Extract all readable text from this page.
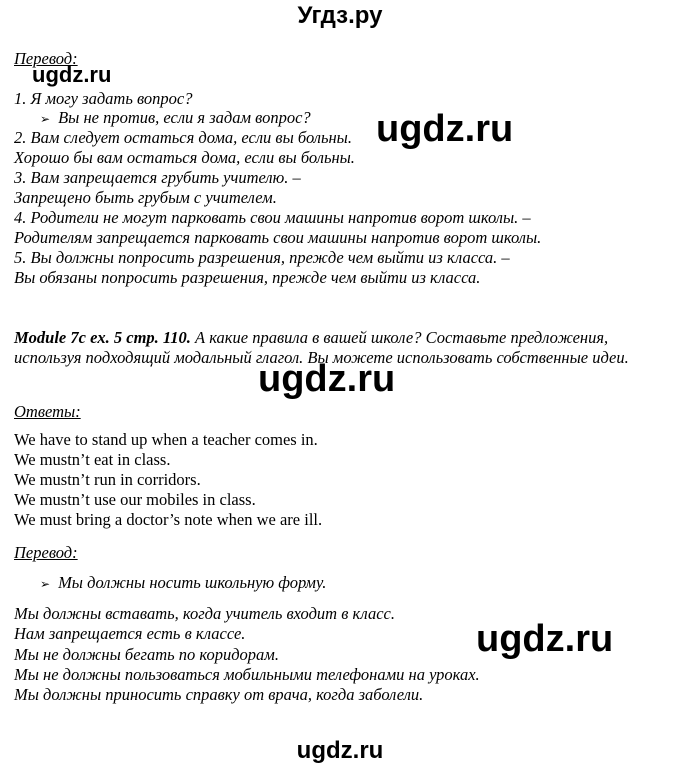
Угдз.ру
Перевод:
ugdz.ru
1. Я могу задать вопрос?
➢ Вы не против, если я задам вопрос?
2. Вам следует остаться дома, если вы больны. ugdz.ru
Хорошо бы вам остаться дома, если вы больны.
3. Вам запрещается грубить учителю. –
Запрещено быть грубым с учителем.
4. Родители не могут парковать свои машины напротив ворот школы. –
Родителям запрещается парковать свои машины напротив ворот школы.
5. Вы должны попросить разрешения, прежде чем выйти из класса. –
Вы обязаны попросить разрешения, прежде чем выйти из класса.
Module 7c ex. 5 стр. 110. А какие правила в вашей школе? Составьте предложения, используя подходящий модальный глагол. Вы можете использовать собственные идеи.
ugdz.ru
Ответы:
We have to stand up when a teacher comes in.
We mustn’t eat in class.
We mustn’t run in corridors.
We mustn’t use our mobiles in class.
We must bring a doctor’s note when we are ill.
Перевод:
➢ Мы должны носить школьную форму.
Мы должны вставать, когда учитель входит в класс.
Нам запрещается есть в классе.	ugdz.ru
Мы не должны бегать по коридорам.
Мы не должны пользоваться мобильными телефонами на уроках.
Мы должны приносить справку от врача, когда заболели.
ugdz.ru
